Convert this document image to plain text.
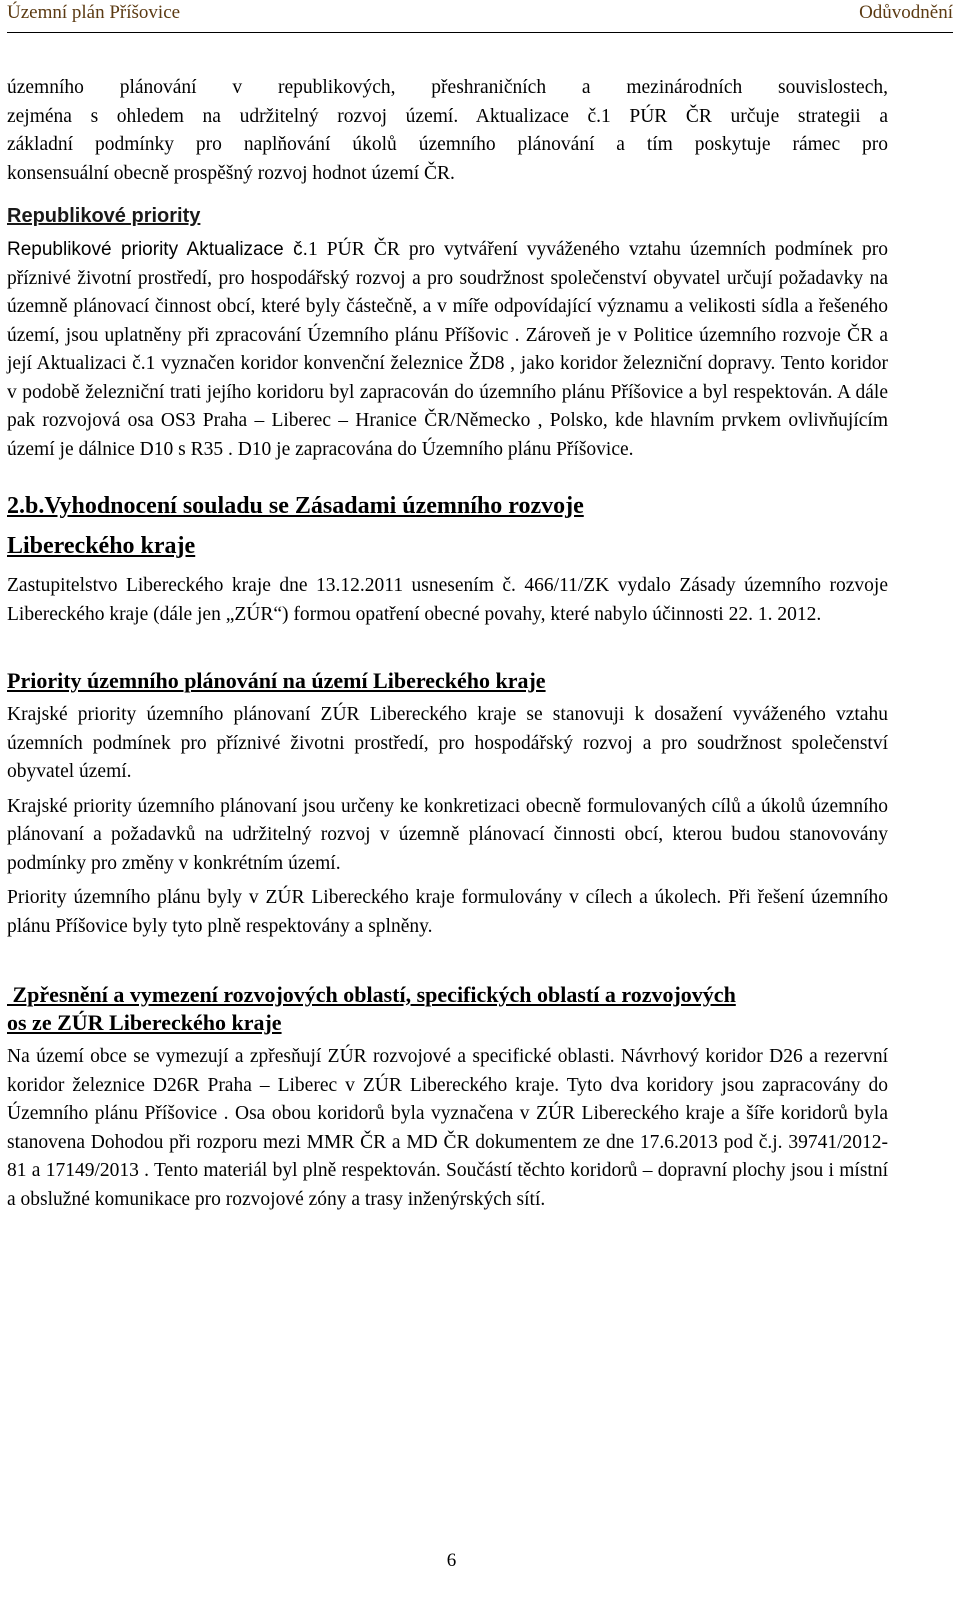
Územní plán Příšovice	Odůvodnění

územního plánování v republikových, přeshraničních a mezinárodních souvislostech,
zejména s ohledem na udržitelný rozvoj území. Aktualizace č.1 PÚR ČR určuje strategii a
základní podmínky pro naplňování úkolů územního plánování a tím poskytuje rámec pro
konsensuální obecně prospěšný rozvoj hodnot území ČR.

Republikové priority

Republikové priority Aktualizace č.1 PÚR ČR pro vytváření vyváženého vztahu územních podmínek pro příznivé životní prostředí, pro hospodářský rozvoj a pro soudržnost společenství obyvatel určují požadavky na územně plánovací činnost obcí, které byly částečně, a v míře odpovídající významu a velikosti sídla a řešeného území, jsou uplatněny při zpracování Územního plánu Příšovic . Zároveň je v Politice územního rozvoje ČR a její Aktualizaci č.1 vyznačen koridor konvenční železnice ŽD8 , jako koridor železniční dopravy. Tento koridor v podobě železniční trati jejího koridoru byl zapracován do územního plánu Příšovice a byl respektován. A dále pak rozvojová osa OS3 Praha – Liberec – Hranice ČR/Německo , Polsko, kde hlavním prvkem ovlivňujícím území je dálnice D10 s R35 . D10 je zapracována do Územního plánu Příšovice.

2.b.Vyhodnocení souladu se Zásadami územního rozvoje
Libereckého kraje

Zastupitelstvo Libereckého kraje dne 13.12.2011 usnesením č. 466/11/ZK vydalo Zásady územního rozvoje Libereckého kraje (dále jen „ZÚR“) formou opatření obecné povahy, které nabylo účinnosti 22. 1. 2012.

Priority územního plánování na území Libereckého kraje

Krajské priority územního plánovaní ZÚR Libereckého kraje se stanovuji k dosažení vyváženého vztahu územních podmínek pro příznivé životni prostředí, pro hospodářský rozvoj a pro soudržnost společenství obyvatel území.

Krajské priority územního plánovaní jsou určeny ke konkretizaci obecně formulovaných cílů a úkolů územního plánovaní a požadavků na udržitelný rozvoj v územně plánovací činnosti obcí, kterou budou stanovovány podmínky pro změny v konkrétním území.

Priority územního plánu byly v ZÚR Libereckého kraje formulovány v cílech a úkolech. Při řešení územního plánu Příšovice byly tyto plně respektovány a splněny.

Zpřesnění a vymezení rozvojových oblastí, specifických oblastí a rozvojových
os ze ZÚR Libereckého kraje

Na území obce se vymezují a zpřesňují ZÚR rozvojové a specifické oblasti. Návrhový koridor D26 a rezervní koridor železnice D26R Praha – Liberec v ZÚR Libereckého kraje. Tyto dva koridory jsou zapracovány do Územního plánu Příšovice . Osa obou koridorů byla vyznačena v ZÚR Libereckého kraje a šíře koridorů byla stanovena Dohodou při rozporu mezi MMR ČR a MD ČR dokumentem ze dne 17.6.2013 pod č.j. 39741/2012-81 a 17149/2013 . Tento materiál byl plně respektován. Součástí těchto koridorů – dopravní plochy jsou i místní a obslužné komunikace pro rozvojové zóny a trasy inženýrských sítí.

6
